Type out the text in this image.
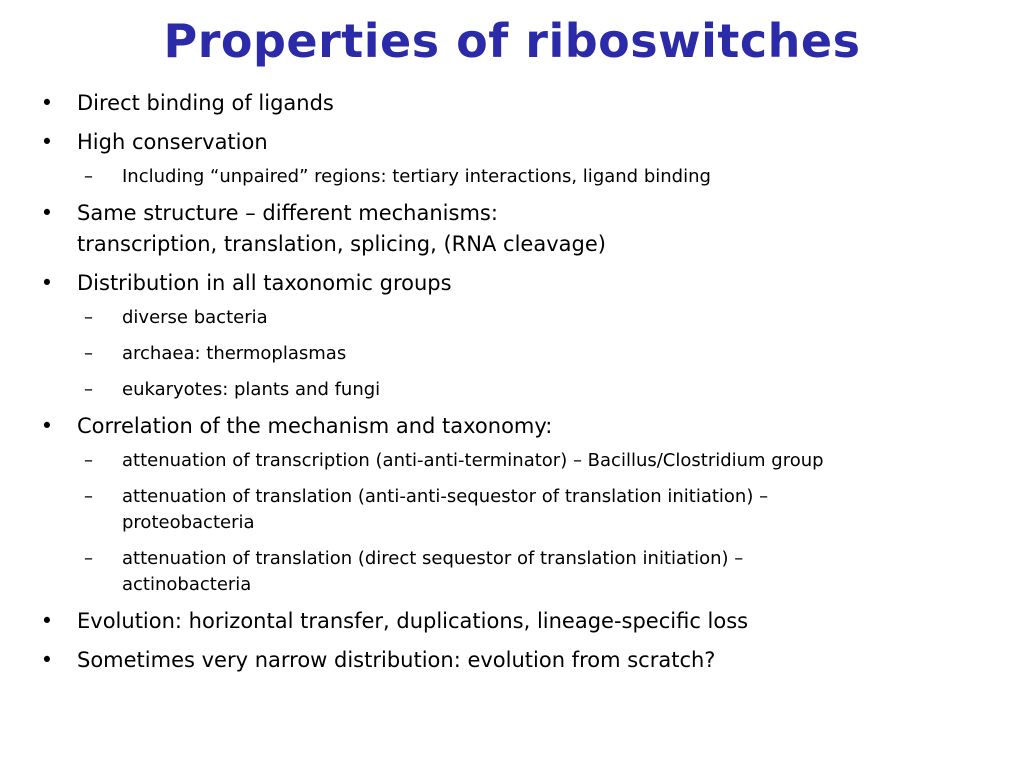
Properties of riboswitches
• Direct binding of ligands
• High conservation
–	Including “unpaired” regions: tertiary interactions, ligand binding
• Same structure – different mechanisms:
transcription, translation, splicing, (RNA cleavage)
• Distribution in all taxonomic groups
–	diverse bacteria
–	archaea: thermoplasmas
–	eukaryotes: plants and fungi
• Correlation of the mechanism and taxonomy:
–	attenuation of transcription (anti-anti-terminator) – Bacillus/Clostridium group
–	attenuation of translation (anti-anti-sequestor of translation initiation) –
proteobacteria
–	attenuation of translation (direct sequestor of translation initiation) –
actinobacteria
• Evolution: horizontal transfer, duplications, lineage-specific loss
• Sometimes very narrow distribution: evolution from scratch?
